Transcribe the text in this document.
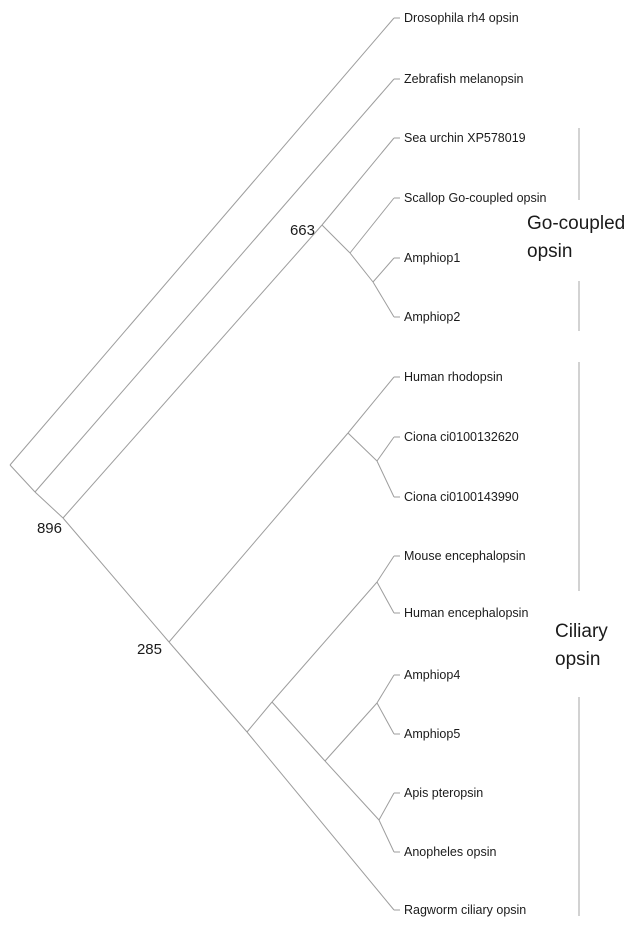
Drosophila rh4 opsin
Zebrafish melanopsin
Sea urchin XP578019
Scallop Go-coupled opsin
Amphiop1
Amphiop2
Human rhodopsin
Ciona ci0100132620
Ciona ci0100143990
Mouse encephalopsin
Human encephalopsin
Amphiop4
Amphiop5
Apis pteropsin
Anopheles opsin
Ragworm ciliary opsin
663
896
285
Go-coupled
opsin
Ciliary
opsin
